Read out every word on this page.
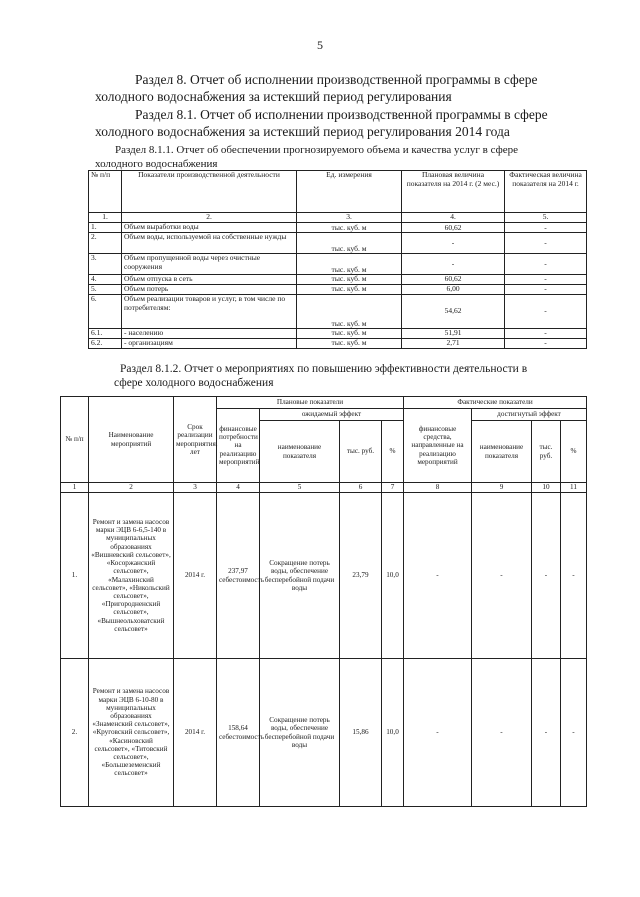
5
Раздел 8. Отчет об исполнении производственной программы в сфере
холодного водоснабжения за истекший период регулирования
Раздел 8.1. Отчет об исполнении производственной программы в сфере
холодного водоснабжения за истекший период регулирования 2014 года
Раздел 8.1.1. Отчет об обеспечении прогнозируемого объема и качества услуг в сфере
холодного водоснабжения
№ п/п	Показатели производственной деятельности	Ед. измерения	Плановая величина показателя на 2014 г. (2 мес.)	Фактическая величина показателя на 2014 г.
1.	2.	3.	4.	5.
1.	Объем выработки воды	тыс. куб. м	60,62	-
2.	Объем воды, используемой на собственные нужды	тыс. куб. м	-	-
3.	Объем пропущенной воды через очистные сооружения	тыс. куб. м	-	-
4.	Объем отпуска в сеть	тыс. куб. м	60,62	-
5.	Объем потерь	тыс. куб. м	6,00	-
6.	Объем реализации товаров и услуг, в том числе по потребителям:	тыс. куб. м	54,62	-
6.1.	- населению	тыс. куб. м	51,91	-
6.2.	- организациям	тыс. куб. м	2,71	-
Раздел 8.1.2. Отчет о мероприятиях по повышению эффективности деятельности в
сфере холодного водоснабжения
№ п/п	Наименование мероприятий	Срок реализации мероприятия, лет	Плановые показатели				Фактические показатели			
			финансовые потребности на реализацию мероприятий	ожидаемый эффект			финансовые средства, направленные на реализацию мероприятий	достигнутый эффект		
				наименование показателя	тыс. руб.	%		наименование показателя	тыс. руб.	%

1	2	3	4	5	6	7	8	9	10	11
1.	Ремонт и замена насосов марки ЭЦВ 6-6,5-140 в муниципальных образованиях «Вишневский сельсовет», «Косоржанский сельсовет», «Малахинский сельсовет», «Никольский сельсовет», «Пригородненский сельсовет», «Вышнеольховатский сельсовет»	2014 г.	237,97 себестоимость	Сокращение потерь воды, обеспечение бесперебойной подачи воды	23,79	10,0	-	-	-	-
2.	Ремонт и замена насосов марки ЭЦВ 6-10-80 в муниципальных образованиях «Знаменский сельсовет», «Круговский сельсовет», «Касиновский сельсовет», «Титовский сельсовет», «Большеземенский сельсовет»	2014 г.	158,64 себестоимость	Сокращение потерь воды, обеспечение бесперебойной подачи воды	15,86	10,0	-	-	-	-
